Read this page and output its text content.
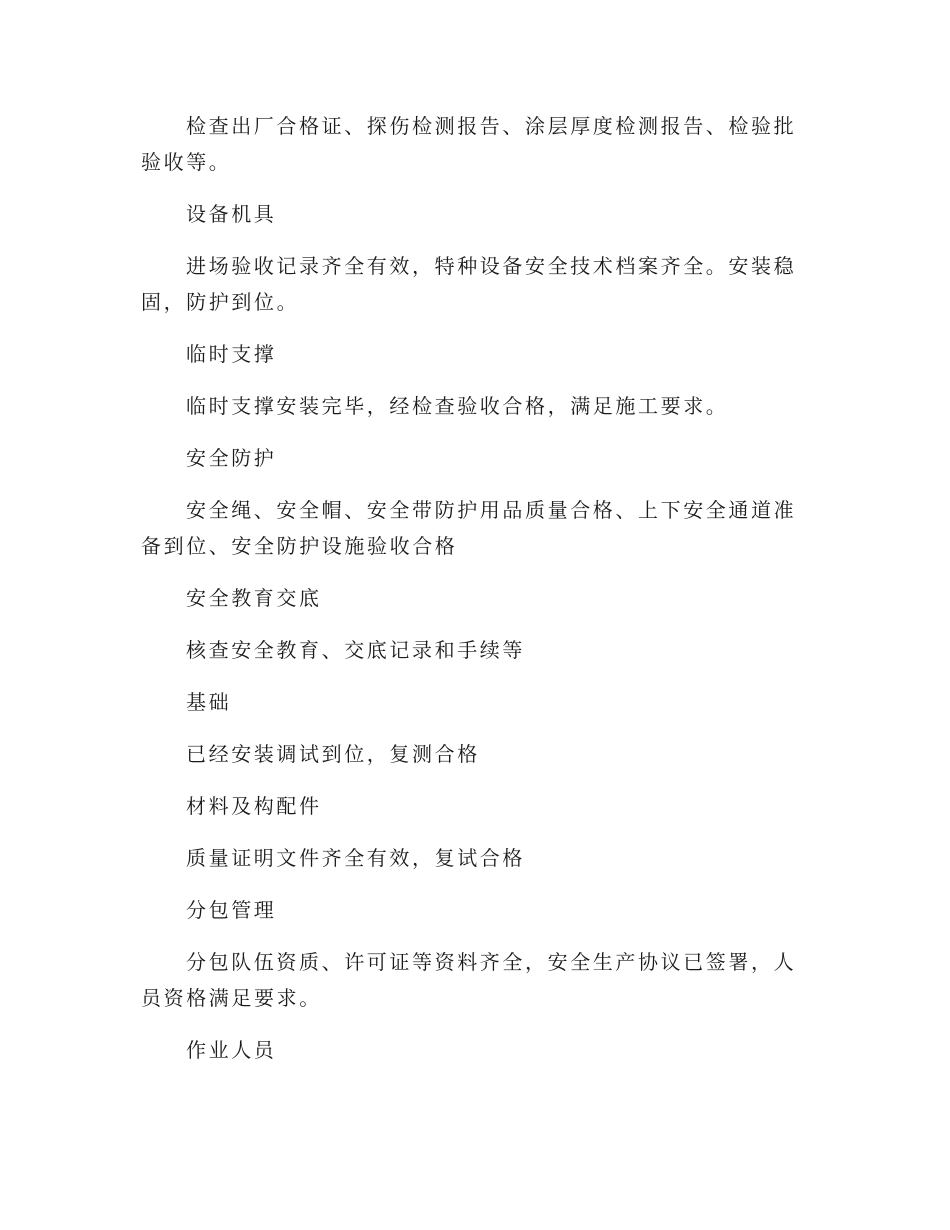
检查出厂合格证、探伤检测报告、涂层厚度检测报告、检验批验收等。

设备机具

进场验收记录齐全有效，特种设备安全技术档案齐全。安装稳固，防护到位。

临时支撑

临时支撑安装完毕，经检查验收合格，满足施工要求。

安全防护

安全绳、安全帽、安全带防护用品质量合格、上下安全通道准备到位、安全防护设施验收合格

安全教育交底

核查安全教育、交底记录和手续等

基础

已经安装调试到位，复测合格

材料及构配件

质量证明文件齐全有效，复试合格

分包管理

分包队伍资质、许可证等资料齐全，安全生产协议已签署，人员资格满足要求。

作业人员
